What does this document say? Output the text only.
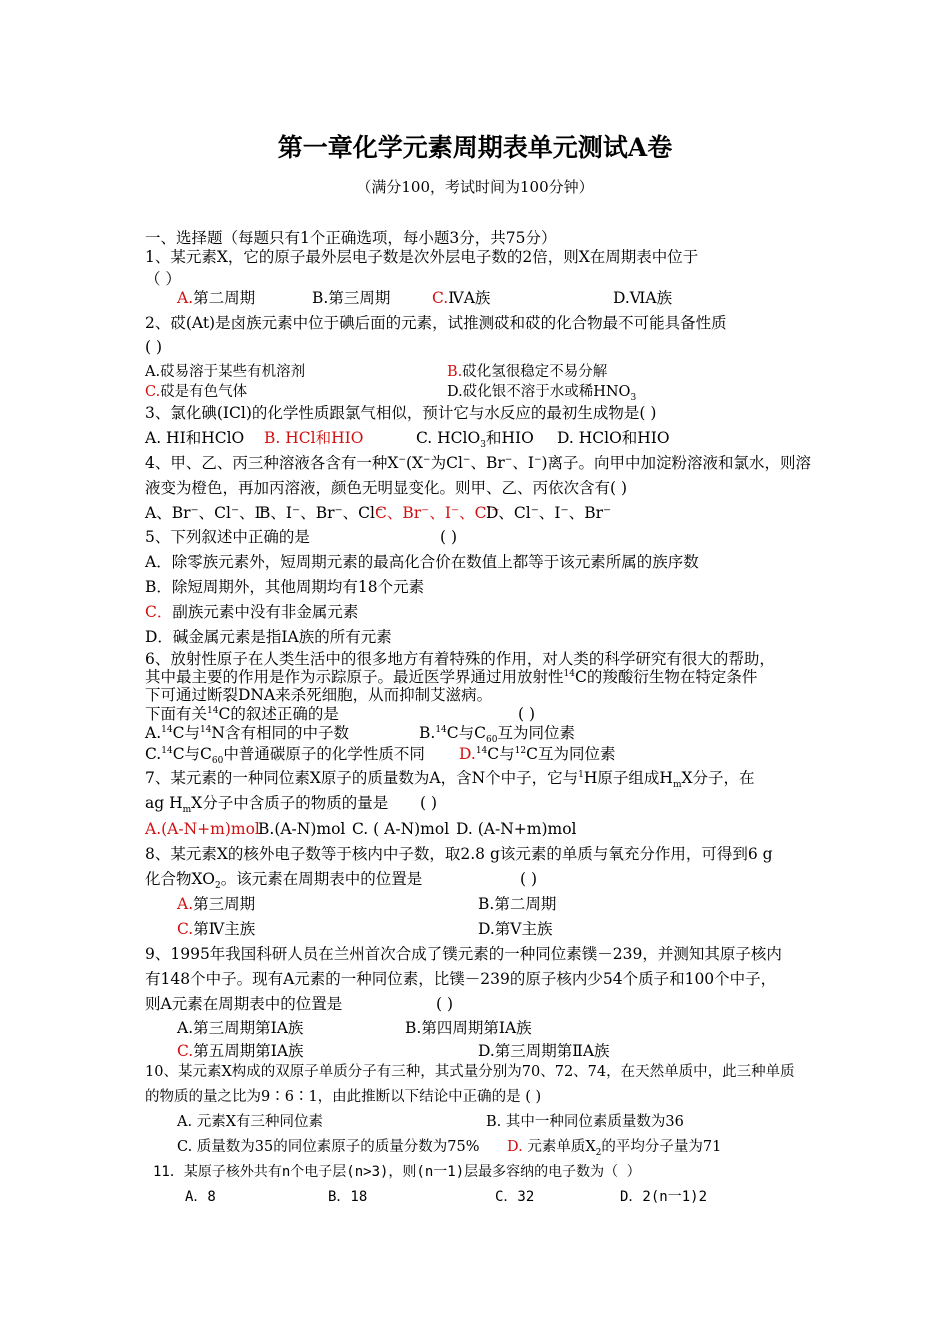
第一章化学元素周期表单元测试A卷
（满分100，考试时间为100分钟）
一、选择题（每题只有1个正确选项，每小题3分，共75分）
1、某元素X，它的原子最外层电子数是次外层电子数的2倍，则X在周期表中位于
（ ）
A.第二周期	B.第三周期	C.ⅣA族	D.ⅥA族
2、砹(At)是卤族元素中位于碘后面的元素，试推测砹和砹的化合物最不可能具备性质
( )
A.砹易溶于某些有机溶剂	B.砹化氢很稳定不易分解
C.砹是有色气体	D.砹化银不溶于水或稀$HNO_3$
3、氯化碘(ICl)的化学性质跟氯气相似，预计它与水反应的最初生成物是( )
A. HI和HClO B. HCl和HIO	C. HClO$_3$和HIO D. HClO和HIO
4、甲、乙、丙三种溶液各含有一种X−(X−为Cl−、Br−、I−)离子。向甲中加淀粉溶液和氯水，则溶
液变为橙色，再加丙溶液，颜色无明显变化。则甲、乙、丙依次含有( )
A、Br⁻、Cl⁻、I⁻
B、I⁻、Br⁻、Cl⁻
C、Br⁻、I⁻、Cl⁻
D、Cl⁻、I⁻、Br⁻
5、下列叙述中正确的是	( )
A．除零族元素外，短周期元素的最高化合价在数值上都等于该元素所属的族序数
B．除短周期外，其他周期均有18个元素
C．副族元素中没有非金属元素
D．碱金属元素是指ⅠA族的所有元素
6、放射性原子在人类生活中的很多地方有着特殊的作用，对人类的科学研究有很大的帮助，
其中最主要的作用是作为示踪原子。最近医学界通过用放射性$^{14}$C的羧酸衍生物在特定条件
下可通过断裂DNA来杀死细胞，从而抑制艾滋病。
下面有关$^{14}$C的叙述正确的是	( )
A.$^{14}$C与$^{14}$N含有相同的中子数	B.$^{14}$C与$C_{60}$互为同位素
C.$^{14}$C与$C_{60}$中普通碳原子的化学性质不同 D.$^{14}$C与$^{12}$C互为同位素
7、某元素的一种同位素X原子的质量数为A，含N个中子，它与$^1$H原子组成$H_mX$分子，在
ag $H_mX$分子中含质子的物质的量是 ( )
A.(A-N+m)mol
B.(A-N)mol C. ( A-N)mol D. (A-N+m)mol
8、某元素X的核外电子数等于核内中子数，取2.8 g该元素的单质与氧充分作用，可得到6 g
化合物$XO_2$。该元素在周期表中的位置是	( )
A.第三周期	B.第二周期
C.第Ⅳ主族	D.第Ⅴ主族
9、1995年我国科研人员在兰州首次合成了镤元素的一种同位素镤－239，并测知其原子核内
有148个中子。现有A元素的一种同位素，比镤－239的原子核内少54个质子和100个中子，
则A元素在周期表中的位置是	( )
A.第三周期第ⅠA族	B.第四周期第ⅠA族
C.第五周期第ⅠA族	D.第三周期第ⅡA族
10、某元素X构成的双原子单质分子有三种，其式量分别为70、72、74，在天然单质中，此三种单质
的物质的量之比为9∶6∶1，由此推断以下结论中正确的是 ( )
A. 元素X有三种同位素	B. 其中一种同位素质量数为36
C. 质量数为35的同位素原子的质量分数为75% D. 元素单质$X_2$的平均分子量为71
11．某原子核外共有n个电子层(n>3)，则(n一1)层最多容纳的电子数为（ ）
A．8	B．18	C．32	D．2(n一1)2
